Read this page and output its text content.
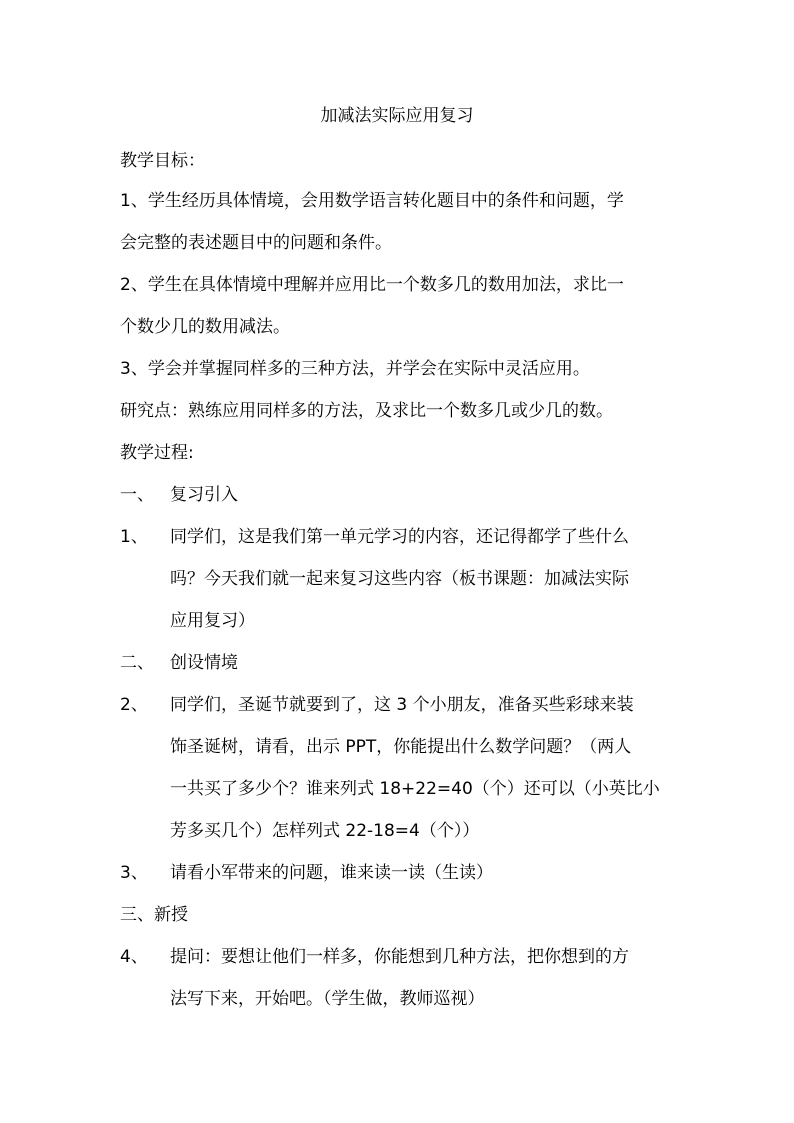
加减法实际应用复习
教学目标：
1、学生经历具体情境，会用数学语言转化题目中的条件和问题，学
会完整的表述题目中的问题和条件。
2、学生在具体情境中理解并应用比一个数多几的数用加法，求比一
个数少几的数用减法。
3、学会并掌握同样多的三种方法，并学会在实际中灵活应用。
研究点：熟练应用同样多的方法，及求比一个数多几或少几的数。
教学过程:
一、 复习引入
1、 同学们，这是我们第一单元学习的内容，还记得都学了些什么
吗？今天我们就一起来复习这些内容（板书课题：加减法实际
应用复习）
二、 创设情境
2、 同学们，圣诞节就要到了，这 3 个小朋友，准备买些彩球来装
饰圣诞树，请看，出示 PPT，你能提出什么数学问题？（两人
一共买了多少个？谁来列式 18+22=40（个）还可以（小英比小
芳多买几个）怎样列式 22-18=4（个））
3、 请看小军带来的问题，谁来读一读（生读）
三、新授
4、 提问：要想让他们一样多，你能想到几种方法，把你想到的方
法写下来，开始吧。（学生做，教师巡视）
